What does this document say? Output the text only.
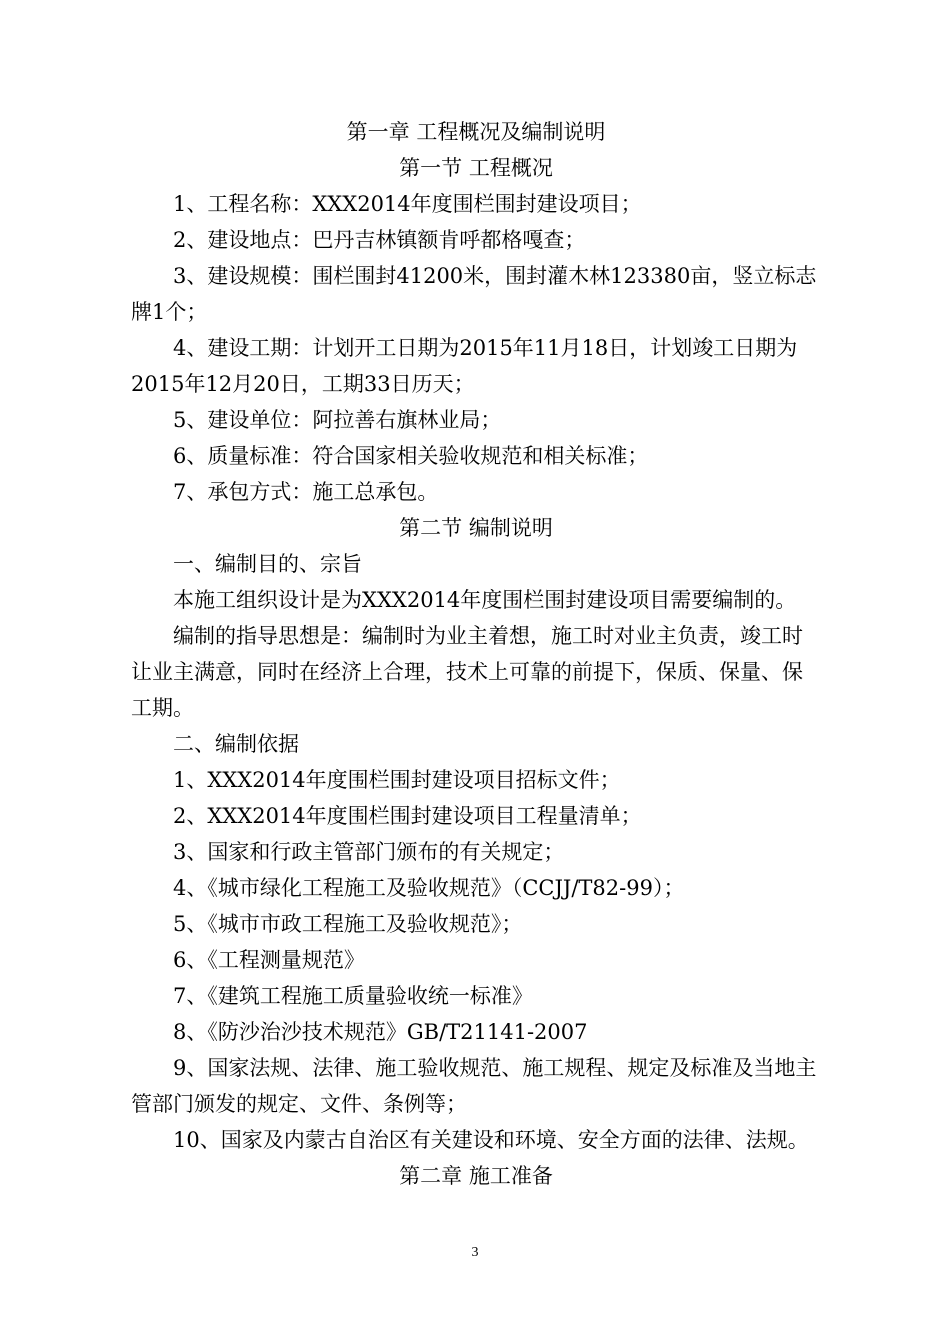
第一章 工程概况及编制说明

第一节 工程概况

1、工程名称：XXX2014年度围栏围封建设项目；

2、建设地点：巴丹吉林镇额肯呼都格嘎查；

3、建设规模：围栏围封41200米，围封灌木林123380亩，竖立标志

牌1个；

4、建设工期：计划开工日期为2015年11月18日，计划竣工日期为

2015年12月20日，工期33日历天；

5、建设单位：阿拉善右旗林业局；

6、质量标准：符合国家相关验收规范和相关标准；

7、承包方式：施工总承包。

第二节 编制说明

一、编制目的、宗旨

本施工组织设计是为XXX2014年度围栏围封建设项目需要编制的。

编制的指导思想是：编制时为业主着想，施工时对业主负责，竣工时

让业主满意，同时在经济上合理，技术上可靠的前提下，保质、保量、保

工期。

二、编制依据

1、XXX2014年度围栏围封建设项目招标文件；

2、XXX2014年度围栏围封建设项目工程量清单；

3、国家和行政主管部门颁布的有关规定；

4、《城市绿化工程施工及验收规范》（CCJJ/T82-99）；

5、《城市市政工程施工及验收规范》；

6、《工程测量规范》

7、《建筑工程施工质量验收统一标准》

8、《防沙治沙技术规范》GB/T21141-2007

9、国家法规、法律、施工验收规范、施工规程、规定及标准及当地主

管部门颁发的规定、文件、条例等；

10、国家及内蒙古自治区有关建设和环境、安全方面的法律、法规。

第二章 施工准备

3
